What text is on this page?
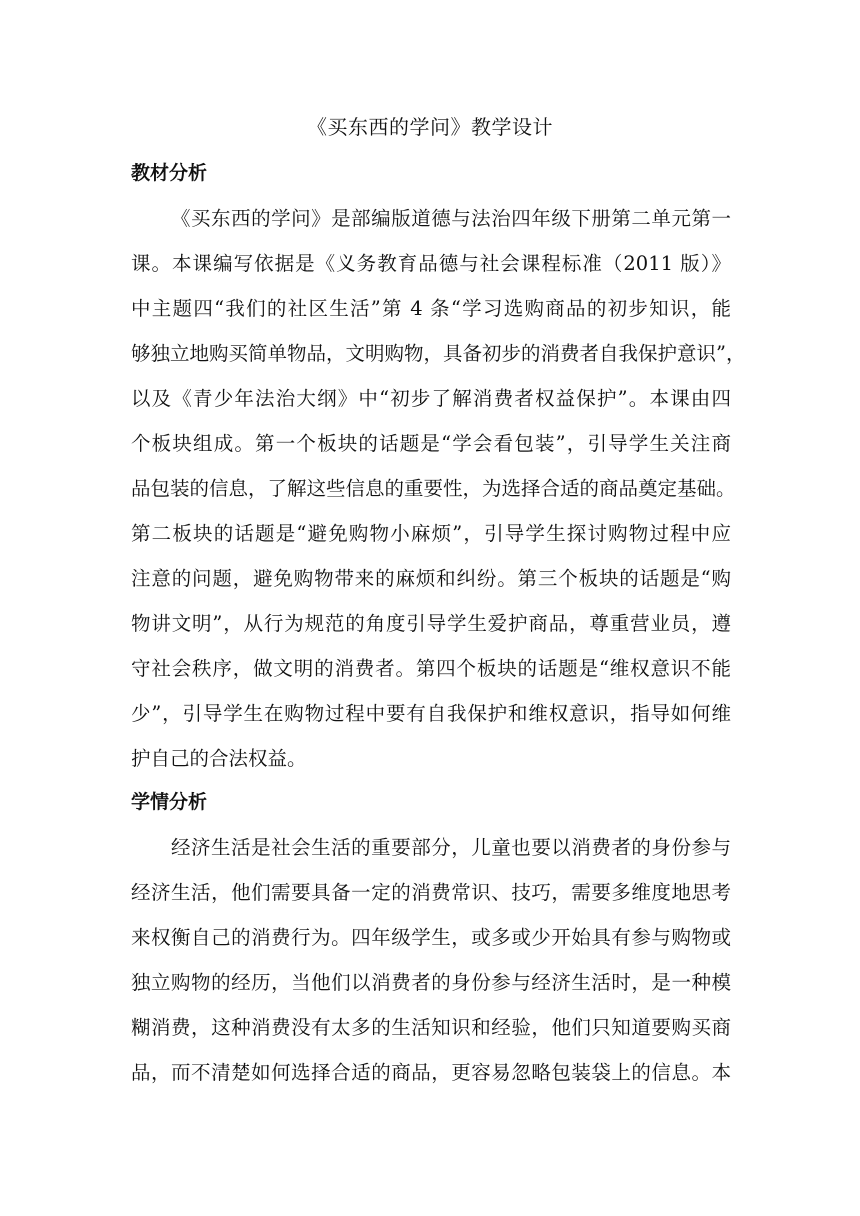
《买东西的学问》教学设计
教材分析
《买东西的学问》是部编版道德与法治四年级下册第二单元第一
课。本课编写依据是《义务教育品德与社会课程标准（2011 版）》
中主题四“我们的社区生活”第 4 条“学习选购商品的初步知识，能
够独立地购买简单物品，文明购物，具备初步的消费者自我保护意识”，
以及《青少年法治大纲》中“初步了解消费者权益保护”。本课由四
个板块组成。第一个板块的话题是“学会看包装”，引导学生关注商
品包装的信息，了解这些信息的重要性，为选择合适的商品奠定基础。
第二板块的话题是“避免购物小麻烦”，引导学生探讨购物过程中应
注意的问题，避免购物带来的麻烦和纠纷。第三个板块的话题是“购
物讲文明”，从行为规范的角度引导学生爱护商品，尊重营业员，遵
守社会秩序，做文明的消费者。第四个板块的话题是“维权意识不能
少”，引导学生在购物过程中要有自我保护和维权意识，指导如何维
护自己的合法权益。
学情分析
经济生活是社会生活的重要部分，儿童也要以消费者的身份参与
经济生活，他们需要具备一定的消费常识、技巧，需要多维度地思考
来权衡自己的消费行为。四年级学生，或多或少开始具有参与购物或
独立购物的经历，当他们以消费者的身份参与经济生活时，是一种模
糊消费，这种消费没有太多的生活知识和经验，他们只知道要购买商
品，而不清楚如何选择合适的商品，更容易忽略包装袋上的信息。本
